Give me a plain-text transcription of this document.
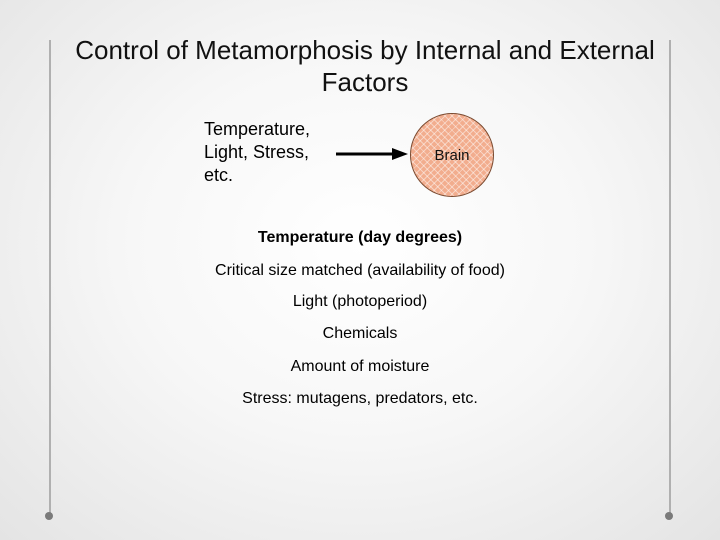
Control of Metamorphosis by Internal and External Factors
Temperature,
Light, Stress,
etc.
Brain
Temperature (day degrees)
Critical size matched (availability of food)
Light (photoperiod)
Chemicals
Amount of moisture
Stress: mutagens, predators, etc.
